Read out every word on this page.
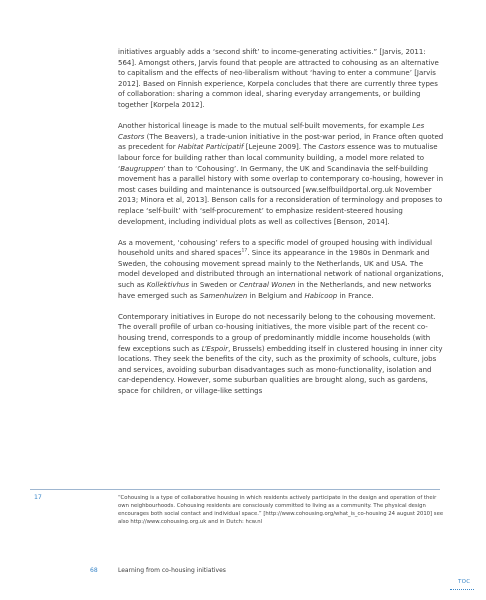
initiatives arguably adds a ‘second shift’ to income-generating activities.” [Jarvis, 2011: 564]. Amongst others, Jarvis found that people are attracted to cohousing as an alternative to capitalism and the effects of neo-liberalism without ‘having to enter a commune’ [Jarvis 2012]. Based on Finnish experience, Korpela concludes that there are currently three types of collaboration: sharing a common ideal, sharing everyday arrangements, or building together [Korpela 2012].

Another historical lineage is made to the mutual self-built movements, for example Les Castors (The Beavers), a trade-union initiative in the post-war period, in France often quoted as precedent for Habitat Participatif [Lejeune 2009]. The Castors essence was to mutualise labour force for building rather than local community building, a model more related to ‘Baugruppen’ than to ‘Cohousing’. In Germany, the UK and Scandinavia the self-building movement has a parallel history with some overlap to contemporary co-housing, however in most cases building and maintenance is outsourced [ww.selfbuildportal.org.uk November 2013; Minora et al, 2013]. Benson calls for a reconsideration of terminology and proposes to replace ‘self-built’ with ‘self-procurement’ to emphasize resident-steered housing development, including individual plots as well as collectives [Benson, 2014].

As a movement, ‘cohousing’ refers to a specific model of grouped housing with individual household units and shared spaces$^{17}$. Since its appearance in the 1980s in Denmark and Sweden, the cohousing movement spread mainly to the Netherlands, UK and USA. The model developed and distributed through an international network of national organizations, such as Kollektivhus in Sweden or Centraal Wonen in the Netherlands, and new networks have emerged such as Samenhuizen in Belgium and Habicoop in France.

Contemporary initiatives in Europe do not necessarily belong to the cohousing movement. The overall profile of urban co-housing initiatives, the more visible part of the recent co-housing trend, corresponds to a group of predominantly middle income households (with few exceptions such as L’Espoir, Brussels) embedding itself in clustered housing in inner city locations. They seek the benefits of the city, such as the proximity of schools, culture, jobs and services, avoiding suburban disadvantages such as mono-functionality, isolation and car-dependency. However, some suburban qualities are brought along, such as gardens, space for children, or village-like settings

17	“Cohousing is a type of collaborative housing in which residents actively participate in the design and operation of their own neighbourhoods. Cohousing residents are consciously committed to living as a community. The physical design encourages both social contact and individual space.” [http://www.cohousing.org/what_is_co-housing 24 august 2010] see also http://www.cohousing.org.uk and in Dutch: hcw.nl
68	Learning from co-housing initiatives
TOC
